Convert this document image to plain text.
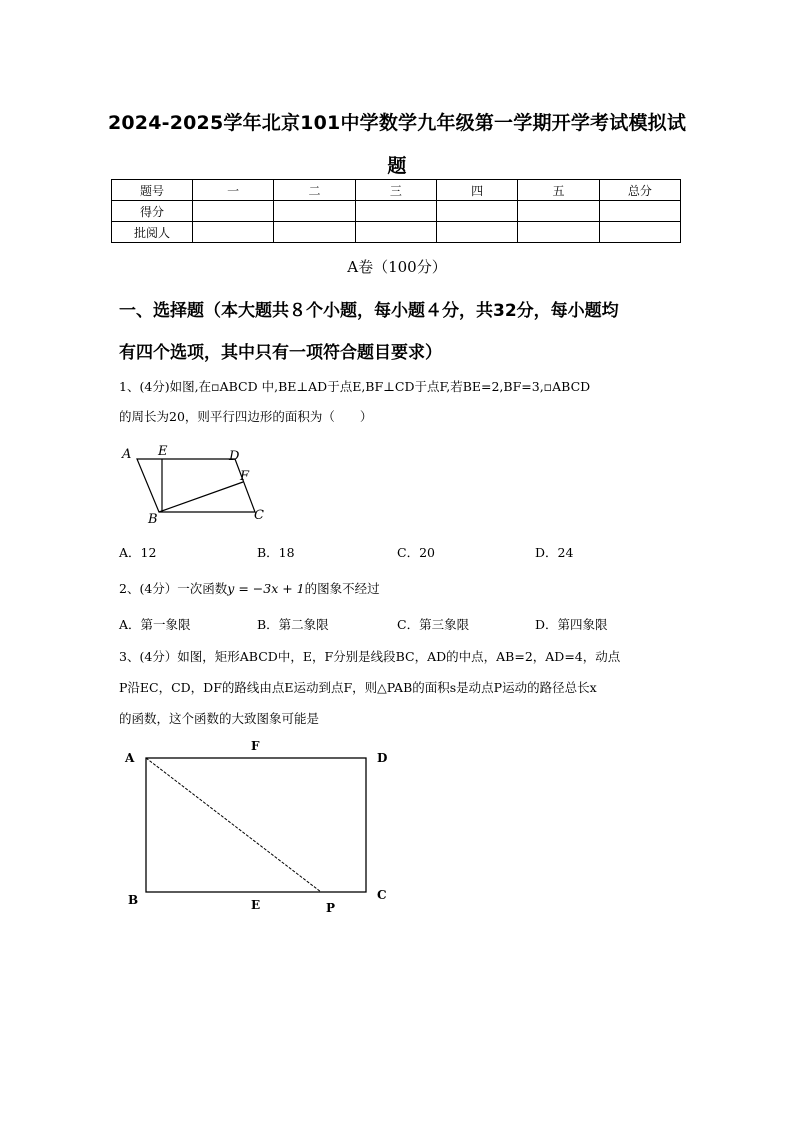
2024-2025学年北京101中学数学九年级第一学期开学考试模拟试
题
题号	一	二	三	四	五	总分
得分						
批阅人						
A卷（100分）
一、选择题（本大题共８个小题，每小题４分，共32分，每小题均
有四个选项，其中只有一项符合题目要求）
1、(4分)如图,在▫ABCD 中,BE⊥AD于点E,BF⊥CD于点F,若BE=2,BF=3,▫ABCD
的周长为20，则平行四边形的面积为（　　）
A E	D
F
B	C
A．12	B．18	C．20	D．24
2、(4分）一次函数y = −3x + 1的图象不经过
A．第一象限	B．第二象限	C．第三象限	D．第四象限
3、(4分）如图，矩形ABCD中，E，F分别是线段BC，AD的中点，AB=2，AD=4，动点
P沿EC，CD，DF的路线由点E运动到点F，则△PAB的面积s是动点P运动的路径总长x
的函数，这个函数的大致图象可能是
A
F
D
B	E	P
C
